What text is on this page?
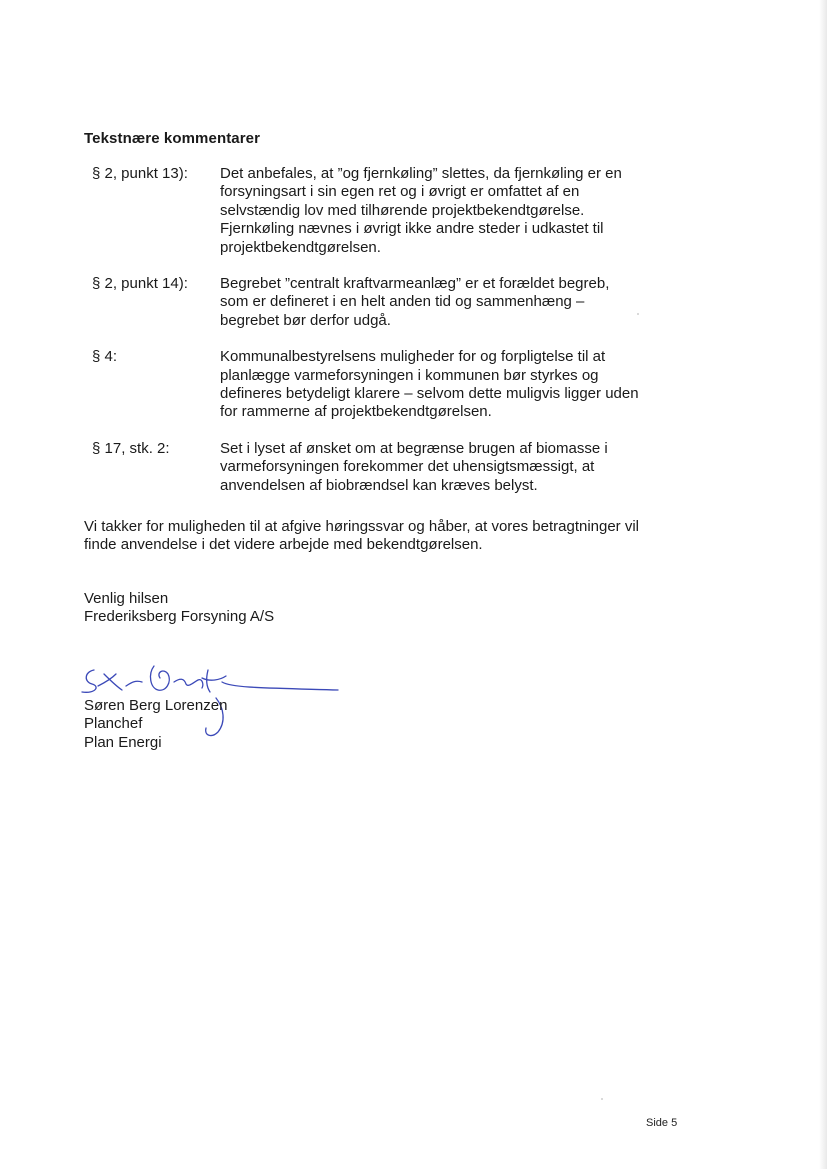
Tekstnære kommentarer
§ 2, punkt 13):	Det anbefales, at ”og fjernkøling” slettes, da fjernkøling er en forsyningsart i sin egen ret og i øvrigt er omfattet af en selvstændig lov med tilhørende projektbekendtgørelse. Fjernkøling nævnes i øvrigt ikke andre steder i udkastet til projektbekendtgørelsen.
§ 2, punkt 14):	Begrebet ”centralt kraftvarmeanlæg” er et forældet begreb, som er defineret i en helt anden tid og sammenhæng – begrebet bør derfor udgå.
§ 4:	Kommunalbestyrelsens muligheder for og forpligtelse til at planlægge varmeforsyningen i kommunen bør styrkes og defineres betydeligt klarere – selvom dette muligvis ligger uden for rammerne af projektbekendtgørelsen.
§ 17, stk. 2:	Set i lyset af ønsket om at begrænse brugen af biomasse i varmeforsyningen forekommer det uhensigtsmæssigt, at anvendelsen af biobrændsel kan kræves belyst.
Vi takker for muligheden til at afgive høringssvar og håber, at vores betragtninger vil finde anvendelse i det videre arbejde med bekendtgørelsen.
Venlig hilsen
Frederiksberg Forsyning A/S
Søren Berg Lorenzen
Planchef
Plan Energi
Side 5
